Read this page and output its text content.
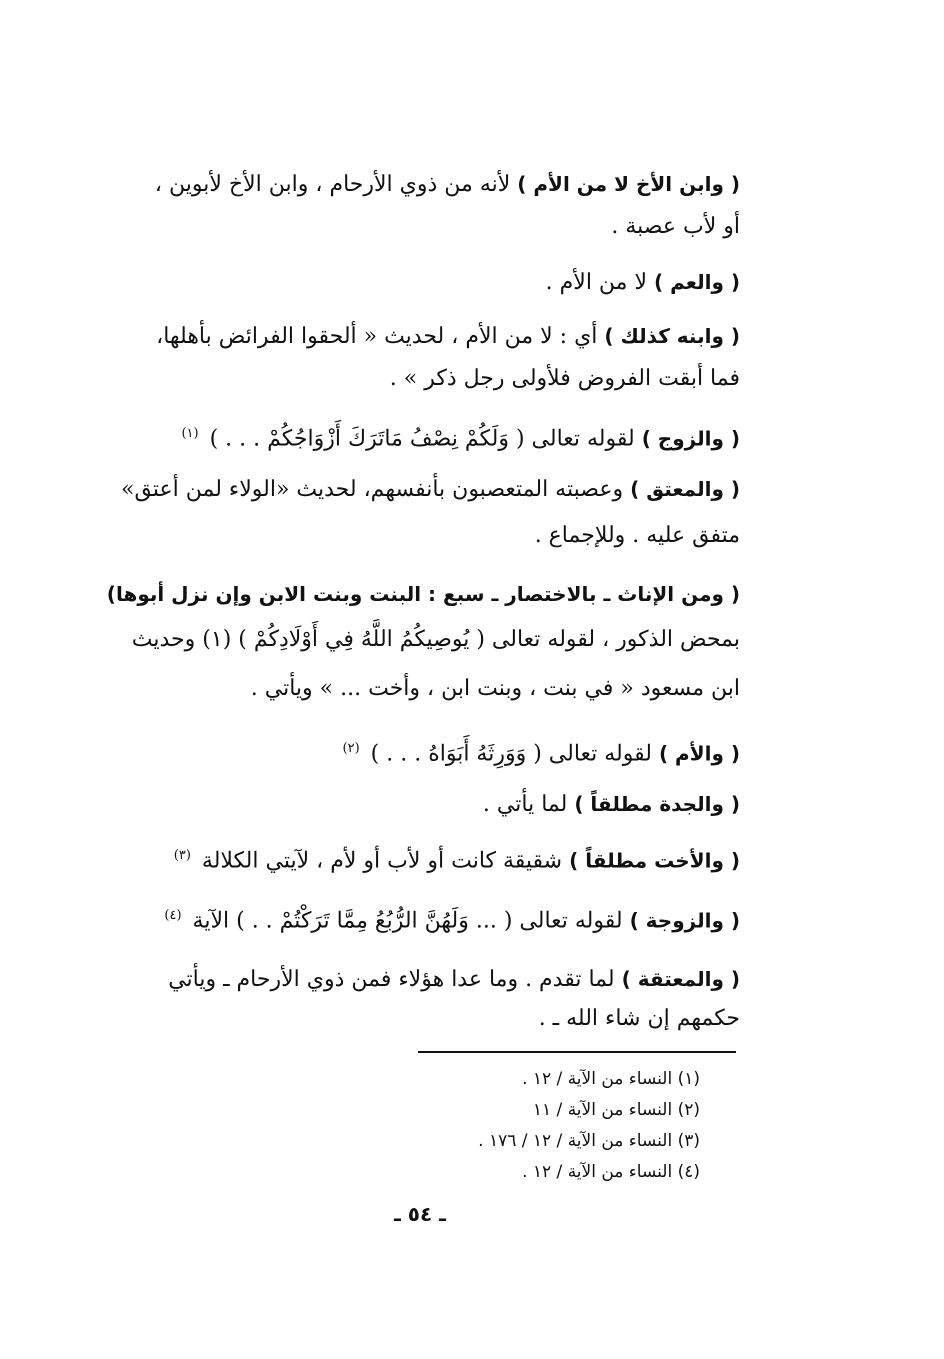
( وابن الأخ لا من الأم ) لأنه من ذوي الأرحام ، وابن الأخ لأبوين ،
أو لأب عصبة .
( والعم ) لا من الأم .
( وابنه كذلك ) أي : لا من الأم ، لحديث « ألحقوا الفرائض بأهلها،
فما أبقت الفروض فلأولى رجل ذكر » .
( والزوج ) لقوله تعالى ( وَلَكُمْ نِصْفُ مَاتَرَكَ أَزْوَاجُكُمْ . . . ) $^{(١)}$
( والمعتق ) وعصبته المتعصبون بأنفسهم، لحديث «الولاء لمن أعتق»
متفق عليه . وللإجماع .
( ومن الإناث ـ بالاختصار ـ سبع : البنت وبنت الابن وإن نزل أبوها)
بمحض الذكور ، لقوله تعالى ( يُوصِيكُمُ اللَّهُ فِي أَوْلَادِكُمْ ) (١) وحديث
ابن مسعود « في بنت ، وبنت ابن ، وأخت ... » ويأتي .
( والأم ) لقوله تعالى ( وَوَرِثَهُ أَبَوَاهُ . . . ) $^{(٢)}$
( والجدة مطلقاً ) لما يأتي .
( والأخت مطلقاً ) شقيقة كانت أو لأب أو لأم ، لآيتي الكلالة $^{(٣)}$
( والزوجة ) لقوله تعالى ( ... وَلَهُنَّ الرُّبُعُ مِمَّا تَرَكْتُمْ . . ) الآية $^{(٤)}$
( والمعتقة ) لما تقدم . وما عدا هؤلاء فمن ذوي الأرحام ـ ويأتي
حكمهم إن شاء الله ـ .
(١) النساء من الآية / ١٢ .
(٢) النساء من الآية / ١١
(٣) النساء من الآية / ١٢ / ١٧٦ .
(٤) النساء من الآية / ١٢ .
ـ ٥٤ ـ
